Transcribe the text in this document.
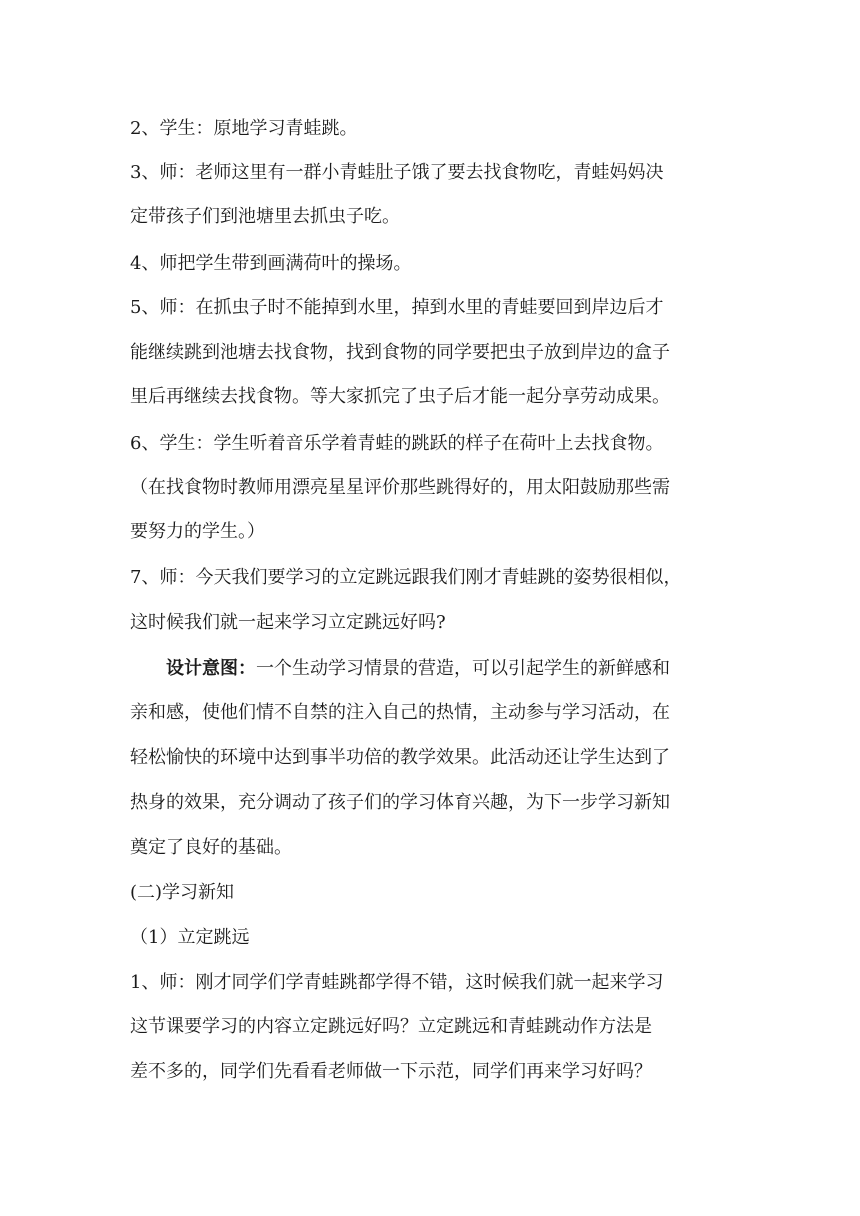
2、学生：原地学习青蛙跳。
3、师：老师这里有一群小青蛙肚子饿了要去找食物吃，青蛙妈妈决
定带孩子们到池塘里去抓虫子吃。
4、师把学生带到画满荷叶的操场。
5、师：在抓虫子时不能掉到水里，掉到水里的青蛙要回到岸边后才
能继续跳到池塘去找食物，找到食物的同学要把虫子放到岸边的盒子
里后再继续去找食物。等大家抓完了虫子后才能一起分享劳动成果。
6、学生：学生听着音乐学着青蛙的跳跃的样子在荷叶上去找食物。
（在找食物时教师用漂亮星星评价那些跳得好的，用太阳鼓励那些需
要努力的学生。）
7、师：今天我们要学习的立定跳远跟我们刚才青蛙跳的姿势很相似，
这时候我们就一起来学习立定跳远好吗?
设计意图：一个生动学习情景的营造，可以引起学生的新鲜感和
亲和感，使他们情不自禁的注入自己的热情，主动参与学习活动，在
轻松愉快的环境中达到事半功倍的教学效果。此活动还让学生达到了
热身的效果，充分调动了孩子们的学习体育兴趣，为下一步学习新知
奠定了良好的基础。
(二)学习新知
（1）立定跳远
1、师：刚才同学们学青蛙跳都学得不错，这时候我们就一起来学习
这节课要学习的内容立定跳远好吗？立定跳远和青蛙跳动作方法是
差不多的，同学们先看看老师做一下示范，同学们再来学习好吗？
